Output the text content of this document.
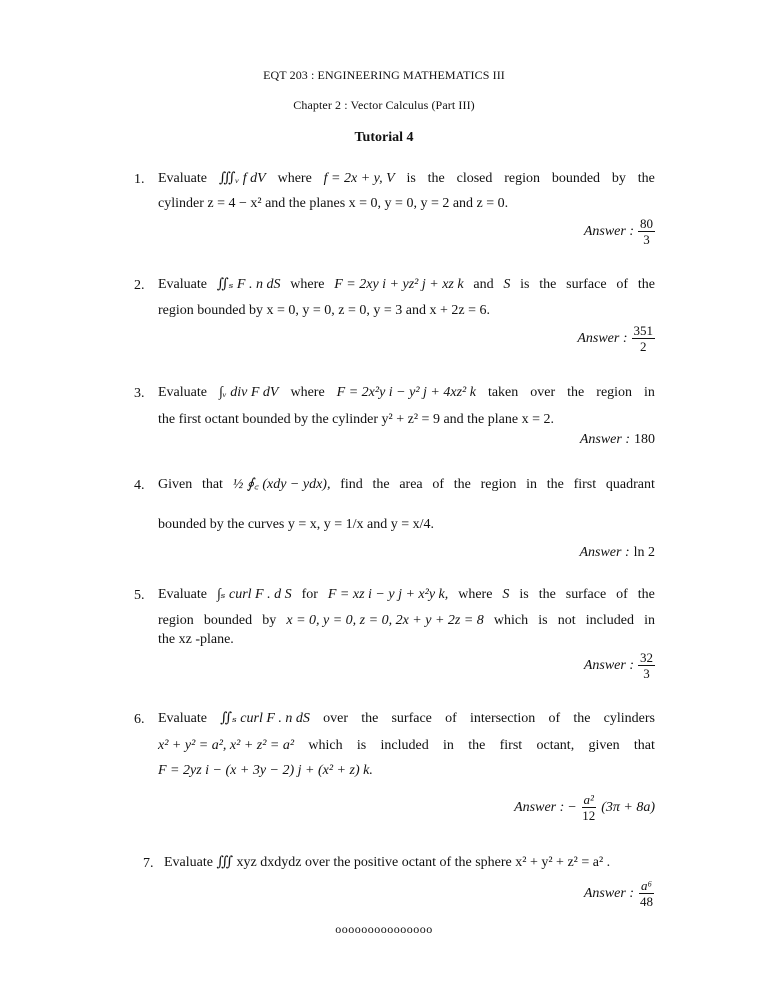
EQT 203 : ENGINEERING MATHEMATICS III
Chapter 2 : Vector Calculus (Part III)
Tutorial 4
1. Evaluate ∭ᵥ f dV where f = 2x + y, V is the closed region bounded by the
cylinder z = 4 − x² and the planes x = 0, y = 0, y = 2 and z = 0.
Answer : $\frac{80}{3}$
2. Evaluate ∬ₛ F . n dS where F = 2xy i + yz² j + xz k and S is the surface of the
region bounded by x = 0, y = 0, z = 0, y = 3 and x + 2z = 6.
Answer : $\frac{351}{2}$
3. Evaluate ∫ᵥ div F dV where F = 2x²y i − y² j + 4xz² k taken over the region in
the first octant bounded by the cylinder y² + z² = 9 and the plane x = 2.
Answer : 180
4. Given that ½ ∮꜀ (xdy − ydx), find the area of the region in the first quadrant
bounded by the curves y = x, y = 1/x and y = x/4.
Answer : ln 2
5. Evaluate ∫ₛ curl F . d S for F = xz i − y j + x²y k, where S is the surface of the
region bounded by x = 0, y = 0, z = 0, 2x + y + 2z = 8 which is not included in
the xz -plane.
Answer : $\frac{32}{3}$
6. Evaluate ∬ₛ curl F . n dS over the surface of intersection of the cylinders
x² + y² = a², x² + z² = a² which is included in the first octant, given that
F = 2yz i − (x + 3y − 2) j + (x² + z) k.
Answer : − $\frac{\text{a²}}{12} (3\pi + 8a)$
7. Evaluate ∭ xyz dxdydz over the positive octant of the sphere x² + y² + z² = a² .
Answer : $\frac{\text{a⁶}}{48}$
ooooooooooooooo
